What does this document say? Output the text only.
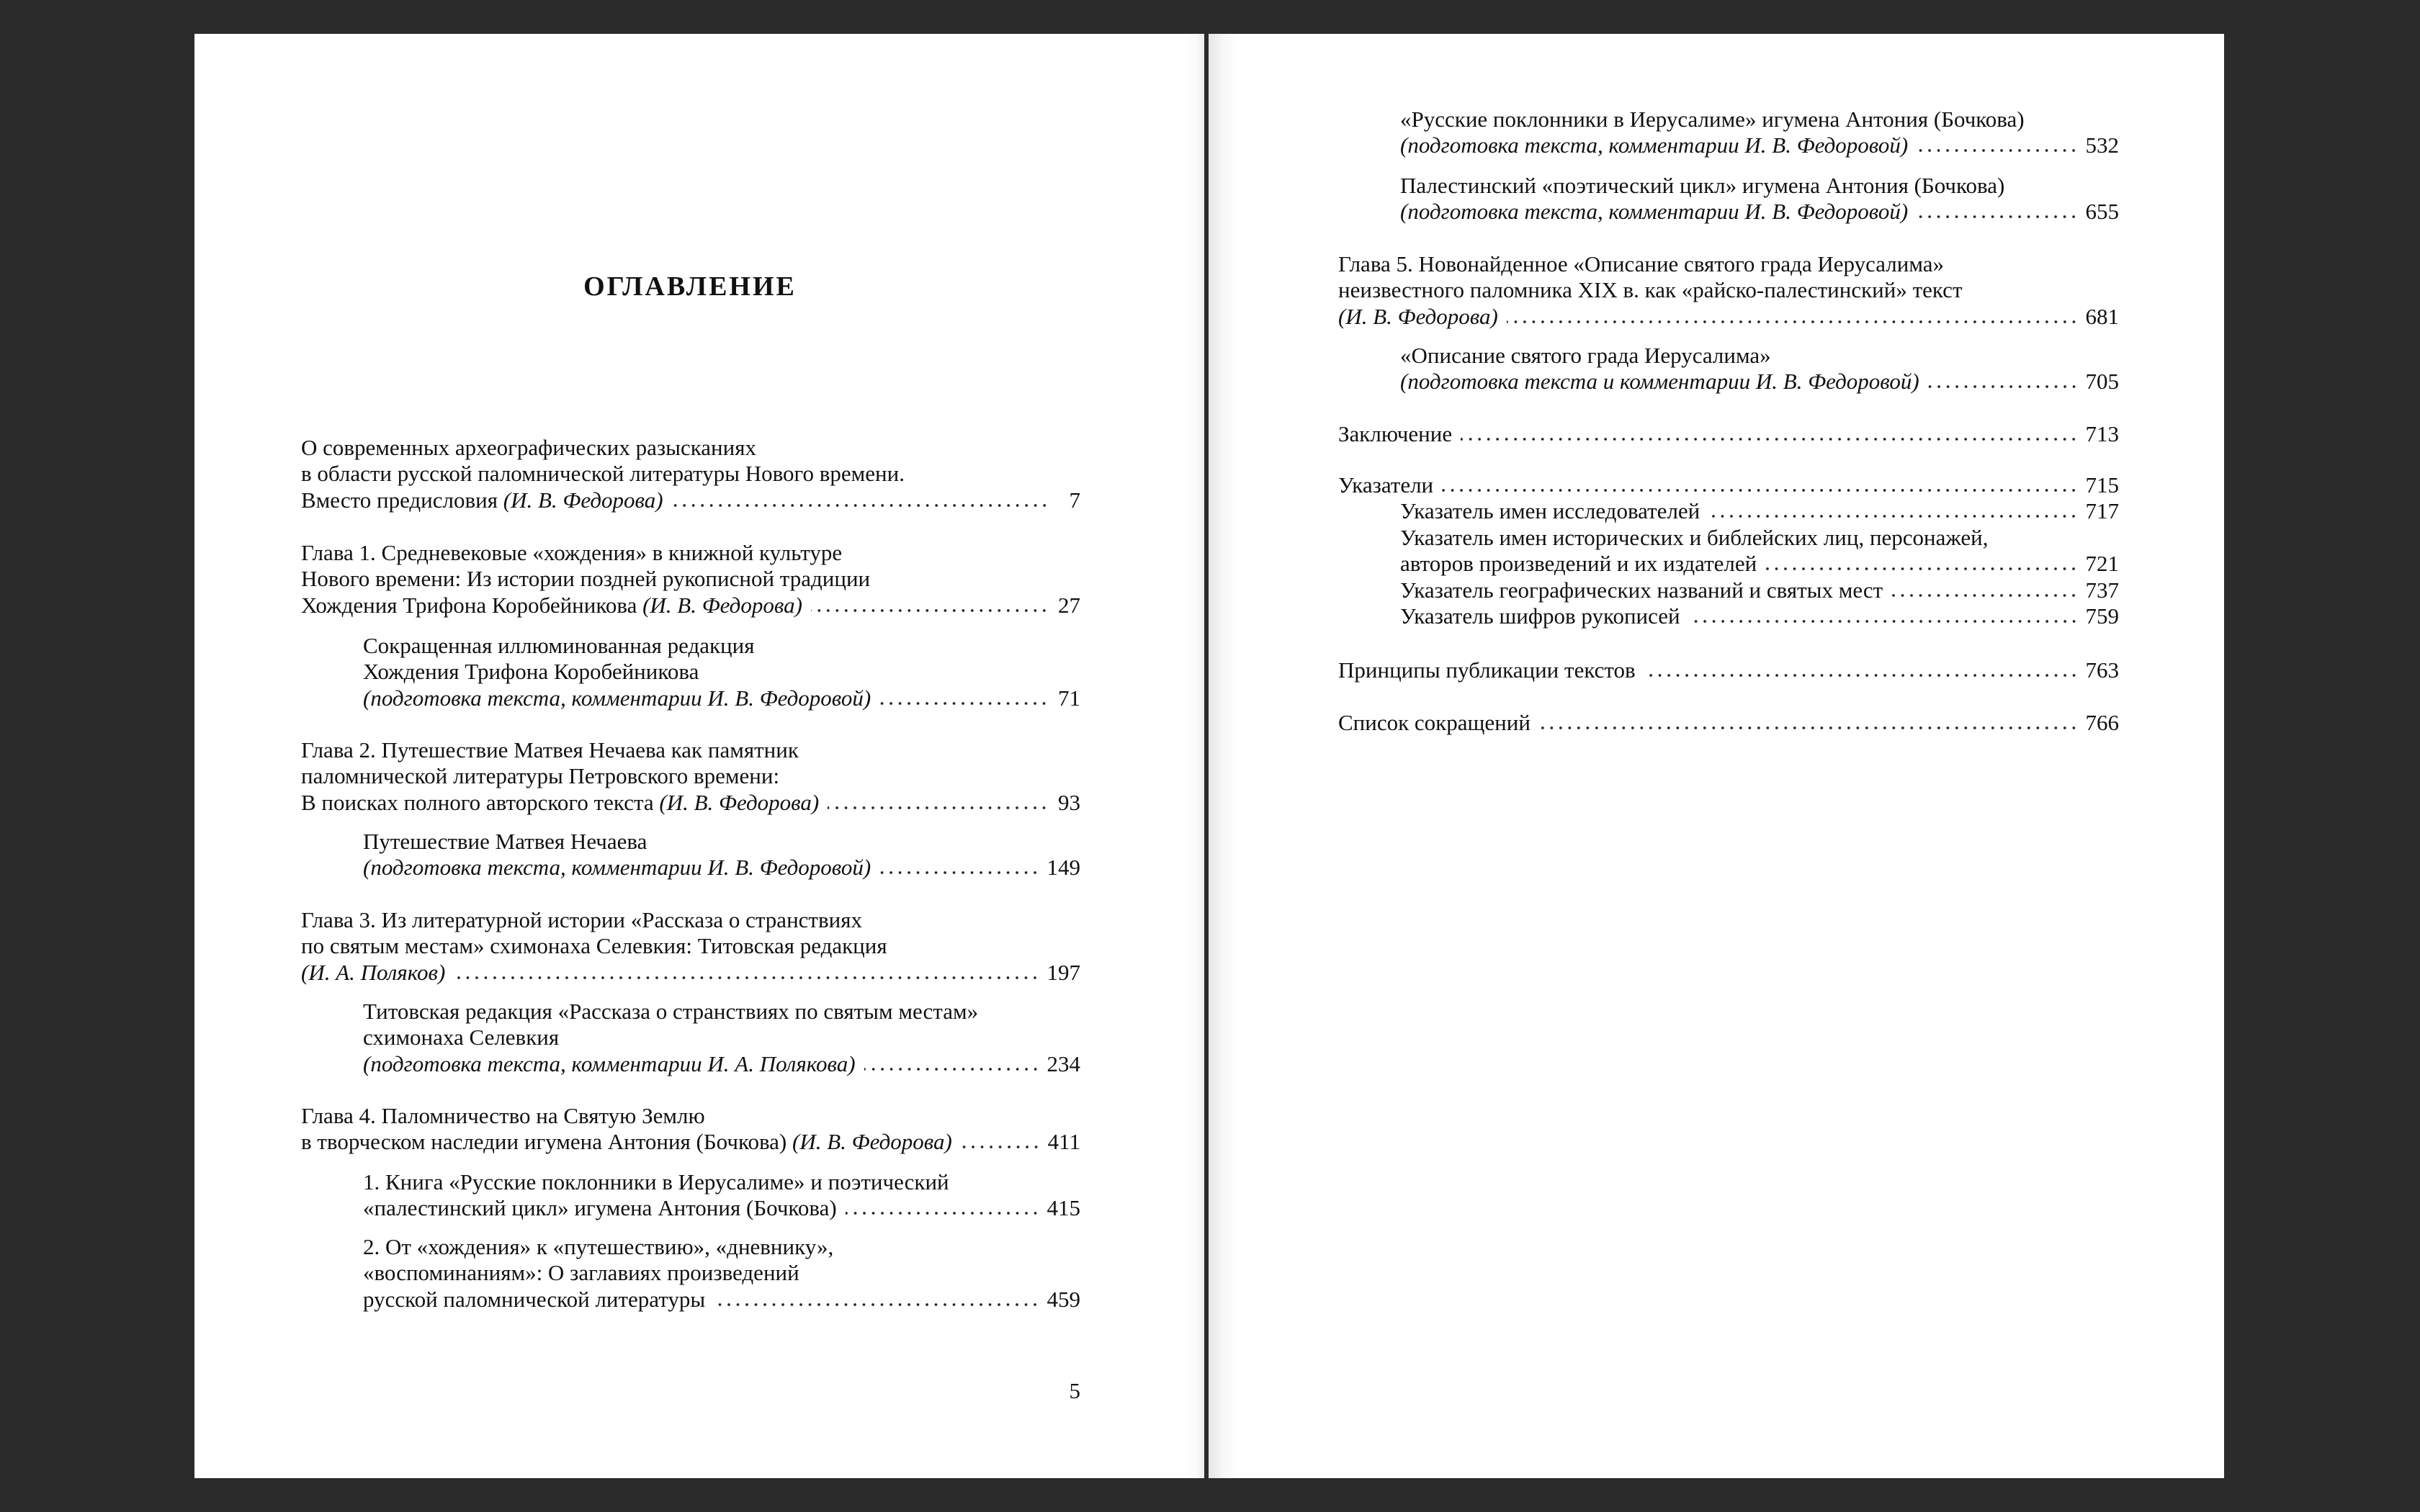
ОГЛАВЛЕНИЕ
5
О современных археографических разысканиях
в области русской паломнической литературы Нового времени.
Вместо предисловия (И. В. Федорова)	7
Глава 1. Средневековые «хождения» в книжной культуре
Нового времени: Из истории поздней рукописной традиции
Хождения Трифона Коробейникова (И. В. Федорова)	27
Сокращенная иллюминованная редакция
Хождения Трифона Коробейникова
(подготовка текста, комментарии И. В. Федоровой)	71
Глава 2. Путешествие Матвея Нечаева как памятник
паломнической литературы Петровского времени:
В поисках полного авторского текста (И. В. Федорова)	93
Путешествие Матвея Нечаева
(подготовка текста, комментарии И. В. Федоровой)	149
Глава 3. Из литературной истории «Рассказа о странствиях
по святым местам» схимонаха Селевкия: Титовская редакция
(И. А. Поляков)	197
Титовская редакция «Рассказа о странствиях по святым местам»
схимонаха Селевкия
(подготовка текста, комментарии И. А. Полякова)	234
Глава 4. Паломничество на Святую Землю
в творческом наследии игумена Антония (Бочкова) (И. В. Федорова)	411
1. Книга «Русские поклонники в Иерусалиме» и поэтический
«палестинский цикл» игумена Антония (Бочкова)	415
2. От «хождения» к «путешествию», «дневнику»,
«воспоминаниям»: О заглавиях произведений
русской паломнической литературы	459
«Русские поклонники в Иерусалиме» игумена Антония (Бочкова)
(подготовка текста, комментарии И. В. Федоровой)	532
Палестинский «поэтический цикл» игумена Антония (Бочкова)
(подготовка текста, комментарии И. В. Федоровой)	655
Глава 5. Новонайденное «Описание святого града Иерусалима»
неизвестного паломника XIX в. как «райско-палестинский» текст
(И. В. Федорова)	681
«Описание святого града Иерусалима»
(подготовка текста и комментарии И. В. Федоровой)	705
Заключение	713
Указатели	715
Указатель имен исследователей	717
Указатель имен исторических и библейских лиц, персонажей,
авторов произведений и их издателей	721
Указатель географических названий и святых мест	737
Указатель шифров рукописей	759
Принципы публикации текстов	763
Список сокращений	766
